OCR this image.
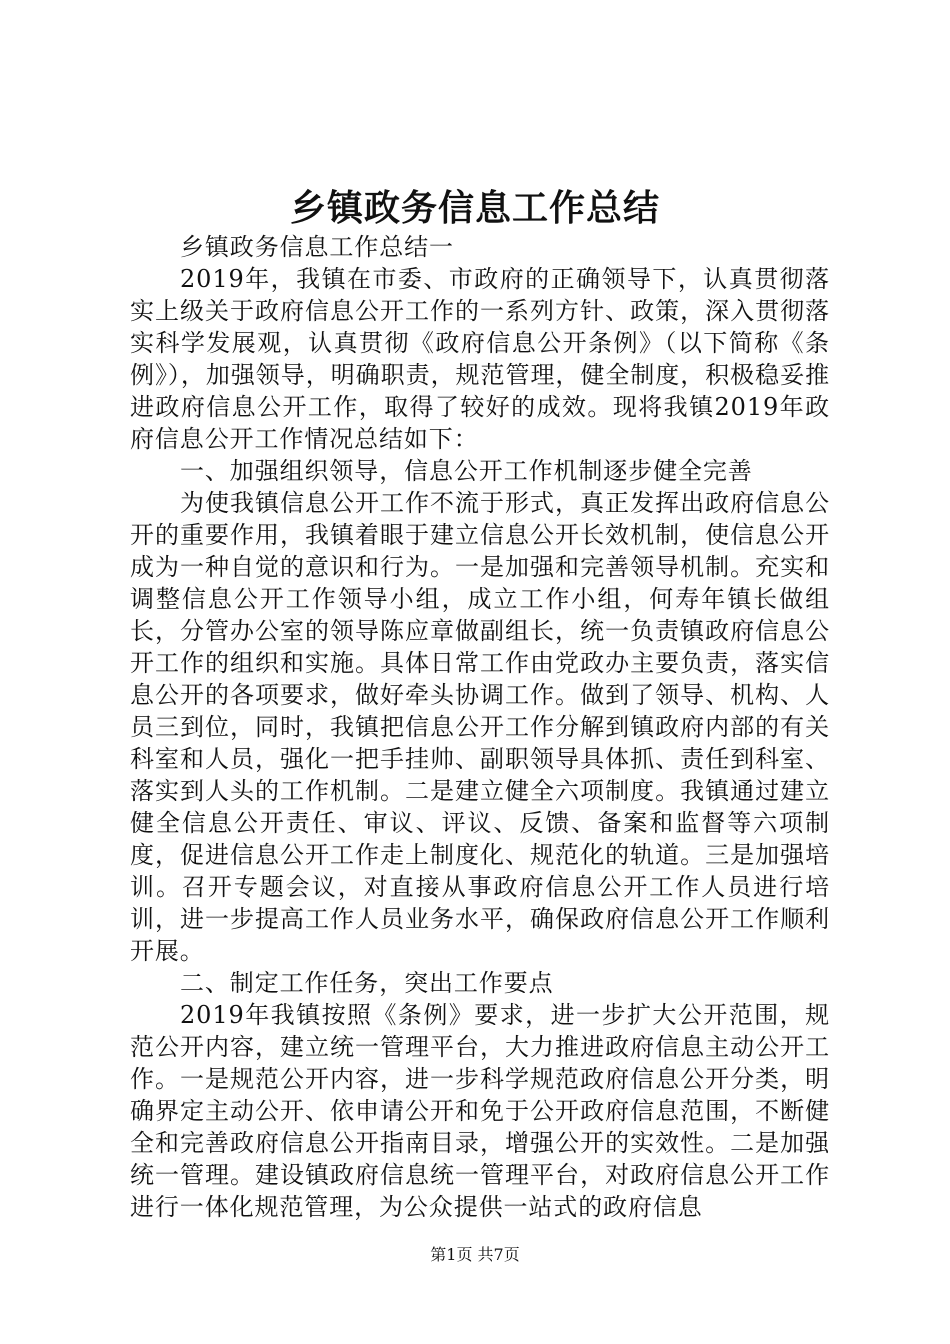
乡镇政务信息工作总结

乡镇政务信息工作总结一

2019年，我镇在市委、市政府的正确领导下，认真贯彻落实上级关于政府信息公开工作的一系列方针、政策，深入贯彻落实科学发展观，认真贯彻《政府信息公开条例》（以下简称《条例》），加强领导，明确职责，规范管理，健全制度，积极稳妥推进政府信息公开工作，取得了较好的成效。现将我镇2019年政府信息公开工作情况总结如下：

一、加强组织领导，信息公开工作机制逐步健全完善

为使我镇信息公开工作不流于形式，真正发挥出政府信息公开的重要作用，我镇着眼于建立信息公开长效机制，使信息公开成为一种自觉的意识和行为。一是加强和完善领导机制。充实和调整信息公开工作领导小组，成立工作小组，何寿年镇长做组长，分管办公室的领导陈应章做副组长，统一负责镇政府信息公开工作的组织和实施。具体日常工作由党政办主要负责，落实信息公开的各项要求，做好牵头协调工作。做到了领导、机构、人员三到位，同时，我镇把信息公开工作分解到镇政府内部的有关科室和人员，强化一把手挂帅、副职领导具体抓、责任到科室、落实到人头的工作机制。二是建立健全六项制度。我镇通过建立健全信息公开责任、审议、评议、反馈、备案和监督等六项制度，促进信息公开工作走上制度化、规范化的轨道。三是加强培训。召开专题会议，对直接从事政府信息公开工作人员进行培训，进一步提高工作人员业务水平，确保政府信息公开工作顺利开展。

二、制定工作任务，突出工作要点

2019年我镇按照《条例》要求，进一步扩大公开范围，规范公开内容，建立统一管理平台，大力推进政府信息主动公开工作。一是规范公开内容，进一步科学规范政府信息公开分类，明确界定主动公开、依申请公开和免于公开政府信息范围，不断健全和完善政府信息公开指南目录，增强公开的实效性。二是加强统一管理。建设镇政府信息统一管理平台，对政府信息公开工作进行一体化规范管理，为公众提供一站式的政府信息

第1页 共7页
